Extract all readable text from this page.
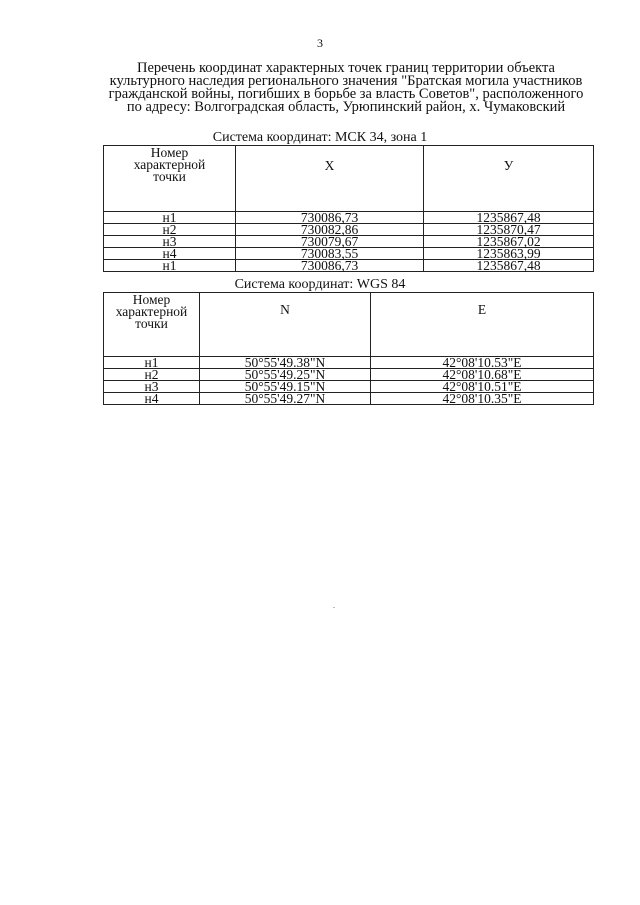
3
Перечень координат характерных точек границ территории объекта
культурного наследия регионального значения "Братская могила участников
гражданской войны, погибших в борьбе за власть Советов", расположенного
по адресу: Волгоградская область, Урюпинский район, х. Чумаковский
Система координат: МСК 34, зона 1
Номер
характерной
точки	X	У
н1	730086,73	1235867,48
н2	730082,86	1235870,47
н3	730079,67	1235867,02
н4	730083,55	1235863,99
н1	730086,73	1235867,48
Система координат: WGS 84
Номер
характерной
точки	N	E
н1	50°55'49.38"N	42°08'10.53"E
н2	50°55'49.25"N	42°08'10.68"E
н3	50°55'49.15"N	42°08'10.51"E
н4	50°55'49.27"N	42°08'10.35"E
